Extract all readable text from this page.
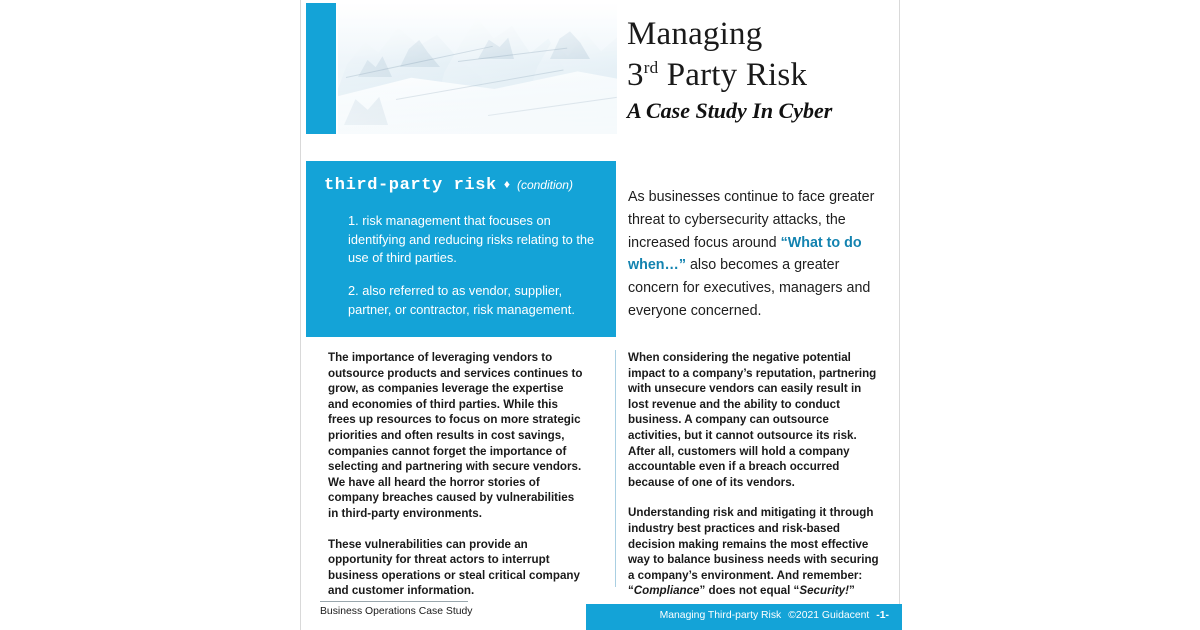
Managing
3rd Party Risk
A Case Study In Cyber
third-party risk ♦ (condition)
1. risk management that focuses on identifying and reducing risks relating to the use of third parties.
2. also referred to as vendor, supplier, partner, or contractor, risk management.
As businesses continue to face greater threat to cybersecurity attacks, the increased focus around “What to do when…” also becomes a greater concern for executives, managers and everyone concerned.

The importance of leveraging vendors to outsource products and services continues to grow, as companies leverage the expertise and economies of third parties. While this frees up resources to focus on more strategic priorities and often results in cost savings, companies cannot forget the importance of selecting and partnering with secure vendors. We have all heard the horror stories of company breaches caused by vulnerabilities in third-party environments.

These vulnerabilities can provide an opportunity for threat actors to interrupt business operations or steal critical company and customer information.

When considering the negative potential impact to a company’s reputation, partnering with unsecure vendors can easily result in lost revenue and the ability to conduct business. A company can outsource activities, but it cannot outsource its risk. After all, customers will hold a company accountable even if a breach occurred because of one of its vendors.

Understanding risk and mitigating it through industry best practices and risk-based decision making remains the most effective way to balance business needs with securing a company’s environment. And remember: “Compliance” does not equal “Security!”

Business Operations Case Study	Managing Third-party Risk ©2021 Guidacent -1-
